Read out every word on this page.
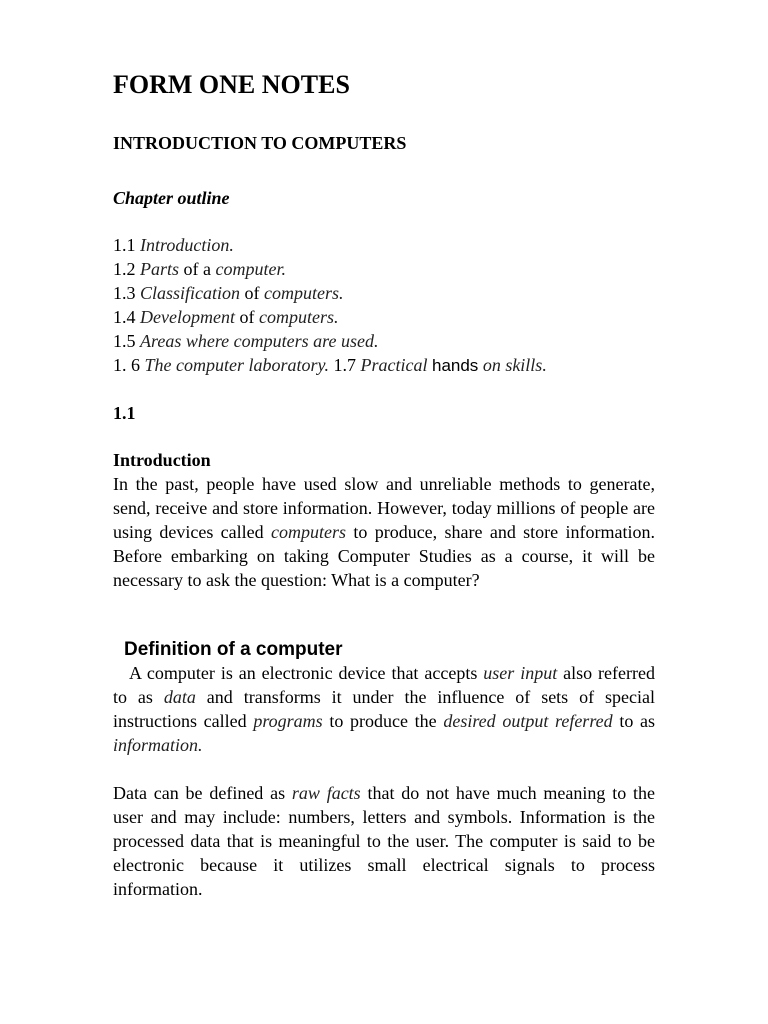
FORM ONE NOTES
INTRODUCTION TO COMPUTERS
Chapter outline
1.1 Introduction.
1.2 Parts of a computer.
1.3 Classification of computers.
1.4 Development of computers.
1.5 Areas where computers are used.
1. 6 The computer laboratory. 1.7 Practical hands on skills.
1.1
Introduction
In the past, people have used slow and unreliable methods to generate, send, receive and store information. However, today millions of people are using devices called computers to produce, share and store information. Before embarking on taking Computer Studies as a course, it will be necessary to ask the question: What is a computer?
Definition of a computer
A computer is an electronic device that accepts user input also referred to as data and transforms it under the influence of sets of special instructions called programs to produce the desired output referred to as information.
Data can be defined as raw facts that do not have much meaning to the user and may include: numbers, letters and symbols. Information is the processed data that is meaningful to the user. The computer is said to be electronic because it utilizes small electrical signals to process information.
